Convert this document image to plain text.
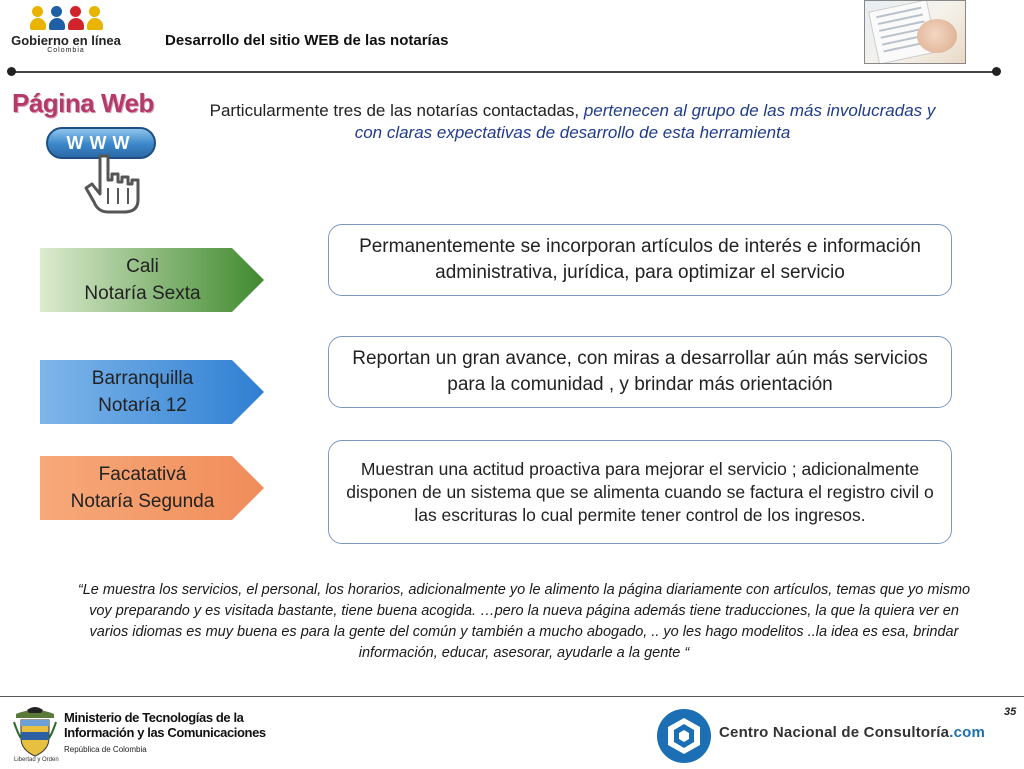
Gobierno en línea
Colombia
Desarrollo del sitio WEB de las notarías
Página Web
WWW
Particularmente tres de las notarías contactadas, pertenecen al grupo de las más involucradas y con claras expectativas de desarrollo de esta herramienta
Cali
Notaría Sexta
Barranquilla
Notaría 12
Facatativá
Notaría Segunda
Permanentemente se incorporan artículos de interés e información administrativa, jurídica, para optimizar el servicio
Reportan un gran avance, con miras a desarrollar aún más servicios para la comunidad , y brindar más orientación
Muestran una actitud proactiva para mejorar el servicio ; adicionalmente disponen de un sistema que se alimenta cuando se factura el registro civil o las escrituras lo cual permite tener control de los ingresos.
“Le muestra los servicios, el personal, los horarios, adicionalmente yo le alimento la página diariamente con artículos, temas que yo mismo voy preparando y es visitada bastante, tiene buena acogida. …pero la nueva página además tiene traducciones, la que la quiera ver en varios idiomas es muy buena es para la gente del común y también a mucho abogado, .. yo les hago modelitos ..la idea es esa, brindar información, educar, asesorar, ayudarle a la gente “
35
Ministerio de Tecnologías de la
Información y las Comunicaciones
República de Colombia
Libertad y Orden
Centro Nacional de Consultoría.com
